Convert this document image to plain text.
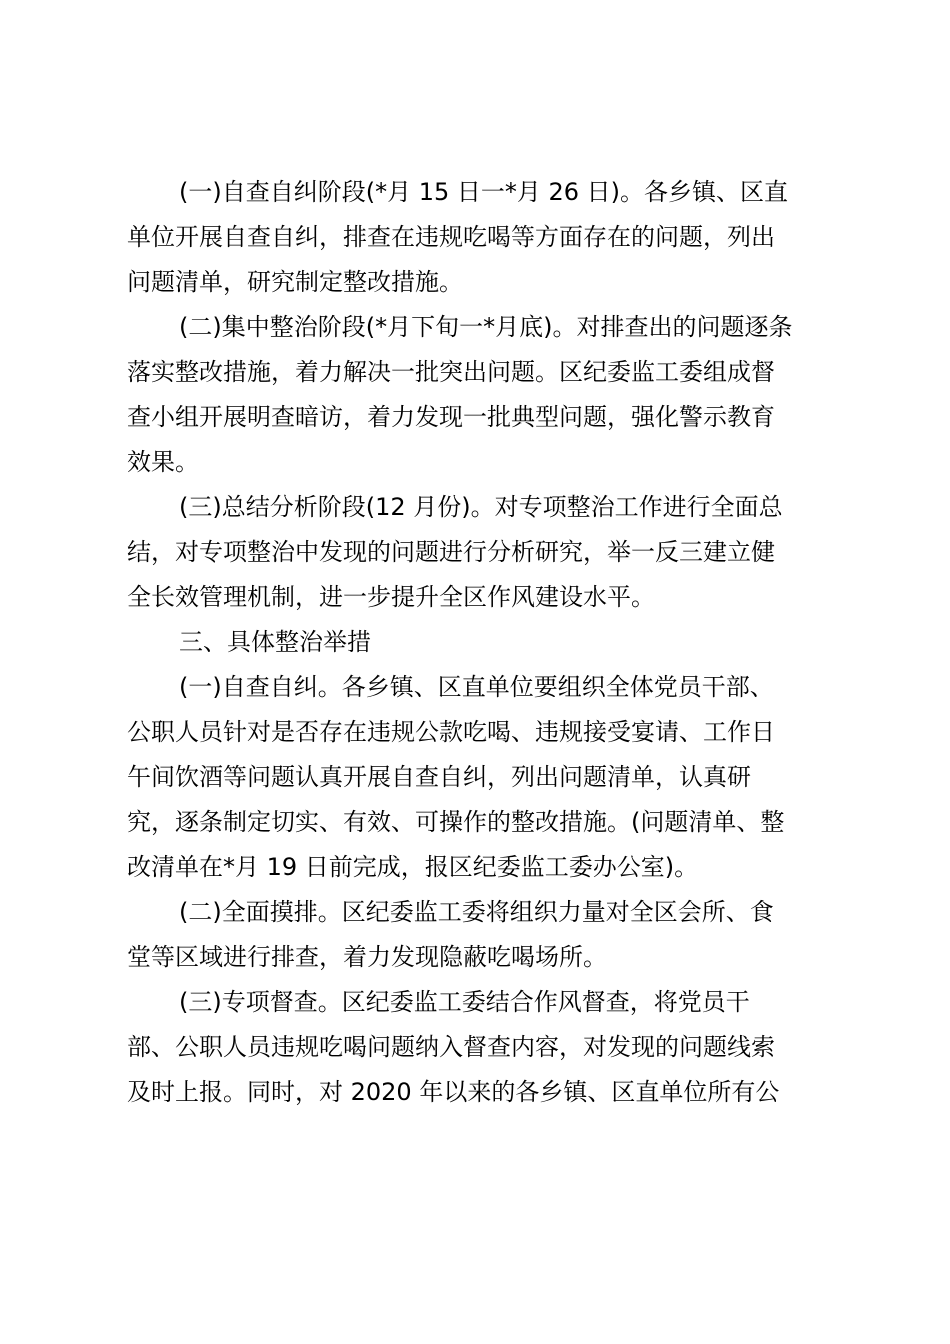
(一)自查自纠阶段(*月 15 日一*月 26 日)。各乡镇、区直
单位开展自查自纠，排查在违规吃喝等方面存在的问题，列出
问题清单，研究制定整改措施。
(二)集中整治阶段(*月下旬一*月底)。对排查出的问题逐条
落实整改措施，着力解决一批突出问题。区纪委监工委组成督
查小组开展明查暗访，着力发现一批典型问题，强化警示教育
效果。
(三)总结分析阶段(12 月份)。对专项整治工作进行全面总
结，对专项整治中发现的问题进行分析研究，举一反三建立健
全长效管理机制，进一步提升全区作风建设水平。
三、具体整治举措
(一)自查自纠。各乡镇、区直单位要组织全体党员干部、
公职人员针对是否存在违规公款吃喝、违规接受宴请、工作日
午间饮酒等问题认真开展自查自纠，列出问题清单，认真研
究，逐条制定切实、有效、可操作的整改措施。(问题清单、整
改清单在*月 19 日前完成，报区纪委监工委办公室)。
(二)全面摸排。区纪委监工委将组织力量对全区会所、食
堂等区域进行排查，着力发现隐蔽吃喝场所。
(三)专项督查。区纪委监工委结合作风督查，将党员干
部、公职人员违规吃喝问题纳入督查内容，对发现的问题线索
及时上报。同时，对 2020 年以来的各乡镇、区直单位所有公
